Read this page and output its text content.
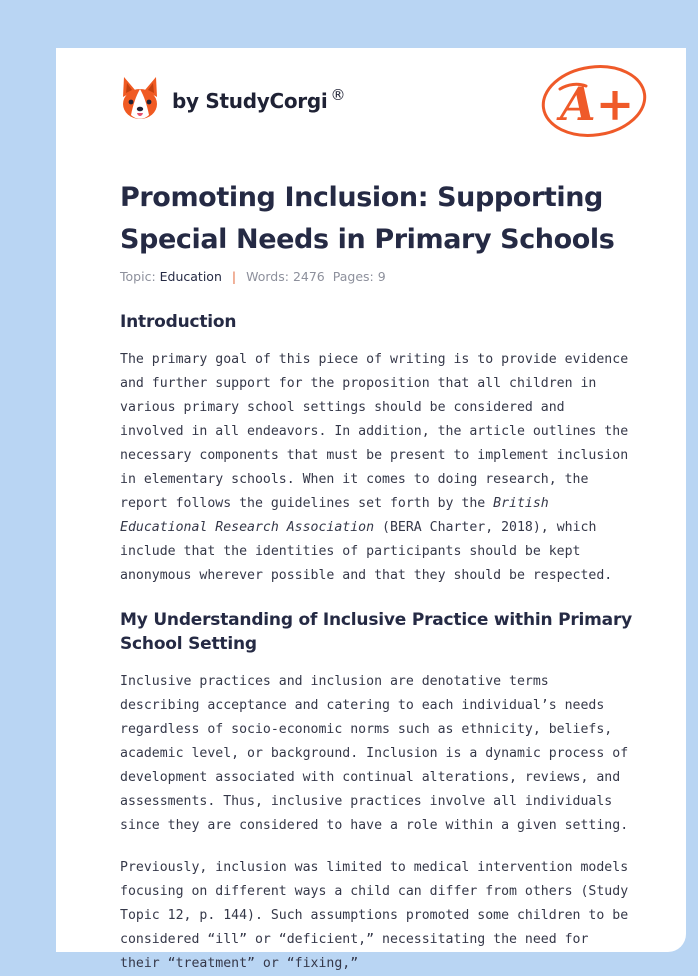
by StudyCorgi ®	A+
Promoting Inclusion: Supporting Special Needs in Primary Schools
Topic: Education | Words: 2476 Pages: 9
Introduction

The primary goal of this piece of writing is to provide evidence and further support for the proposition that all children in various primary school settings should be considered and involved in all endeavors. In addition, the article outlines the necessary components that must be present to implement inclusion in elementary schools. When it comes to doing research, the report follows the guidelines set forth by the British Educational Research Association (BERA Charter, 2018), which include that the identities of participants should be kept anonymous wherever possible and that they should be respected.

My Understanding of Inclusive Practice within Primary School Setting

Inclusive practices and inclusion are denotative terms describing acceptance and catering to each individual’s needs regardless of socio-economic norms such as ethnicity, beliefs, academic level, or background. Inclusion is a dynamic process of development associated with continual alterations, reviews, and assessments. Thus, inclusive practices involve all individuals since they are considered to have a role within a given setting.

Previously, inclusion was limited to medical intervention models focusing on different ways a child can differ from others (Study Topic 12, p. 144). Such assumptions promoted some children to be considered “ill” or “deficient,” necessitating the need for their “treatment” or “fixing,”
